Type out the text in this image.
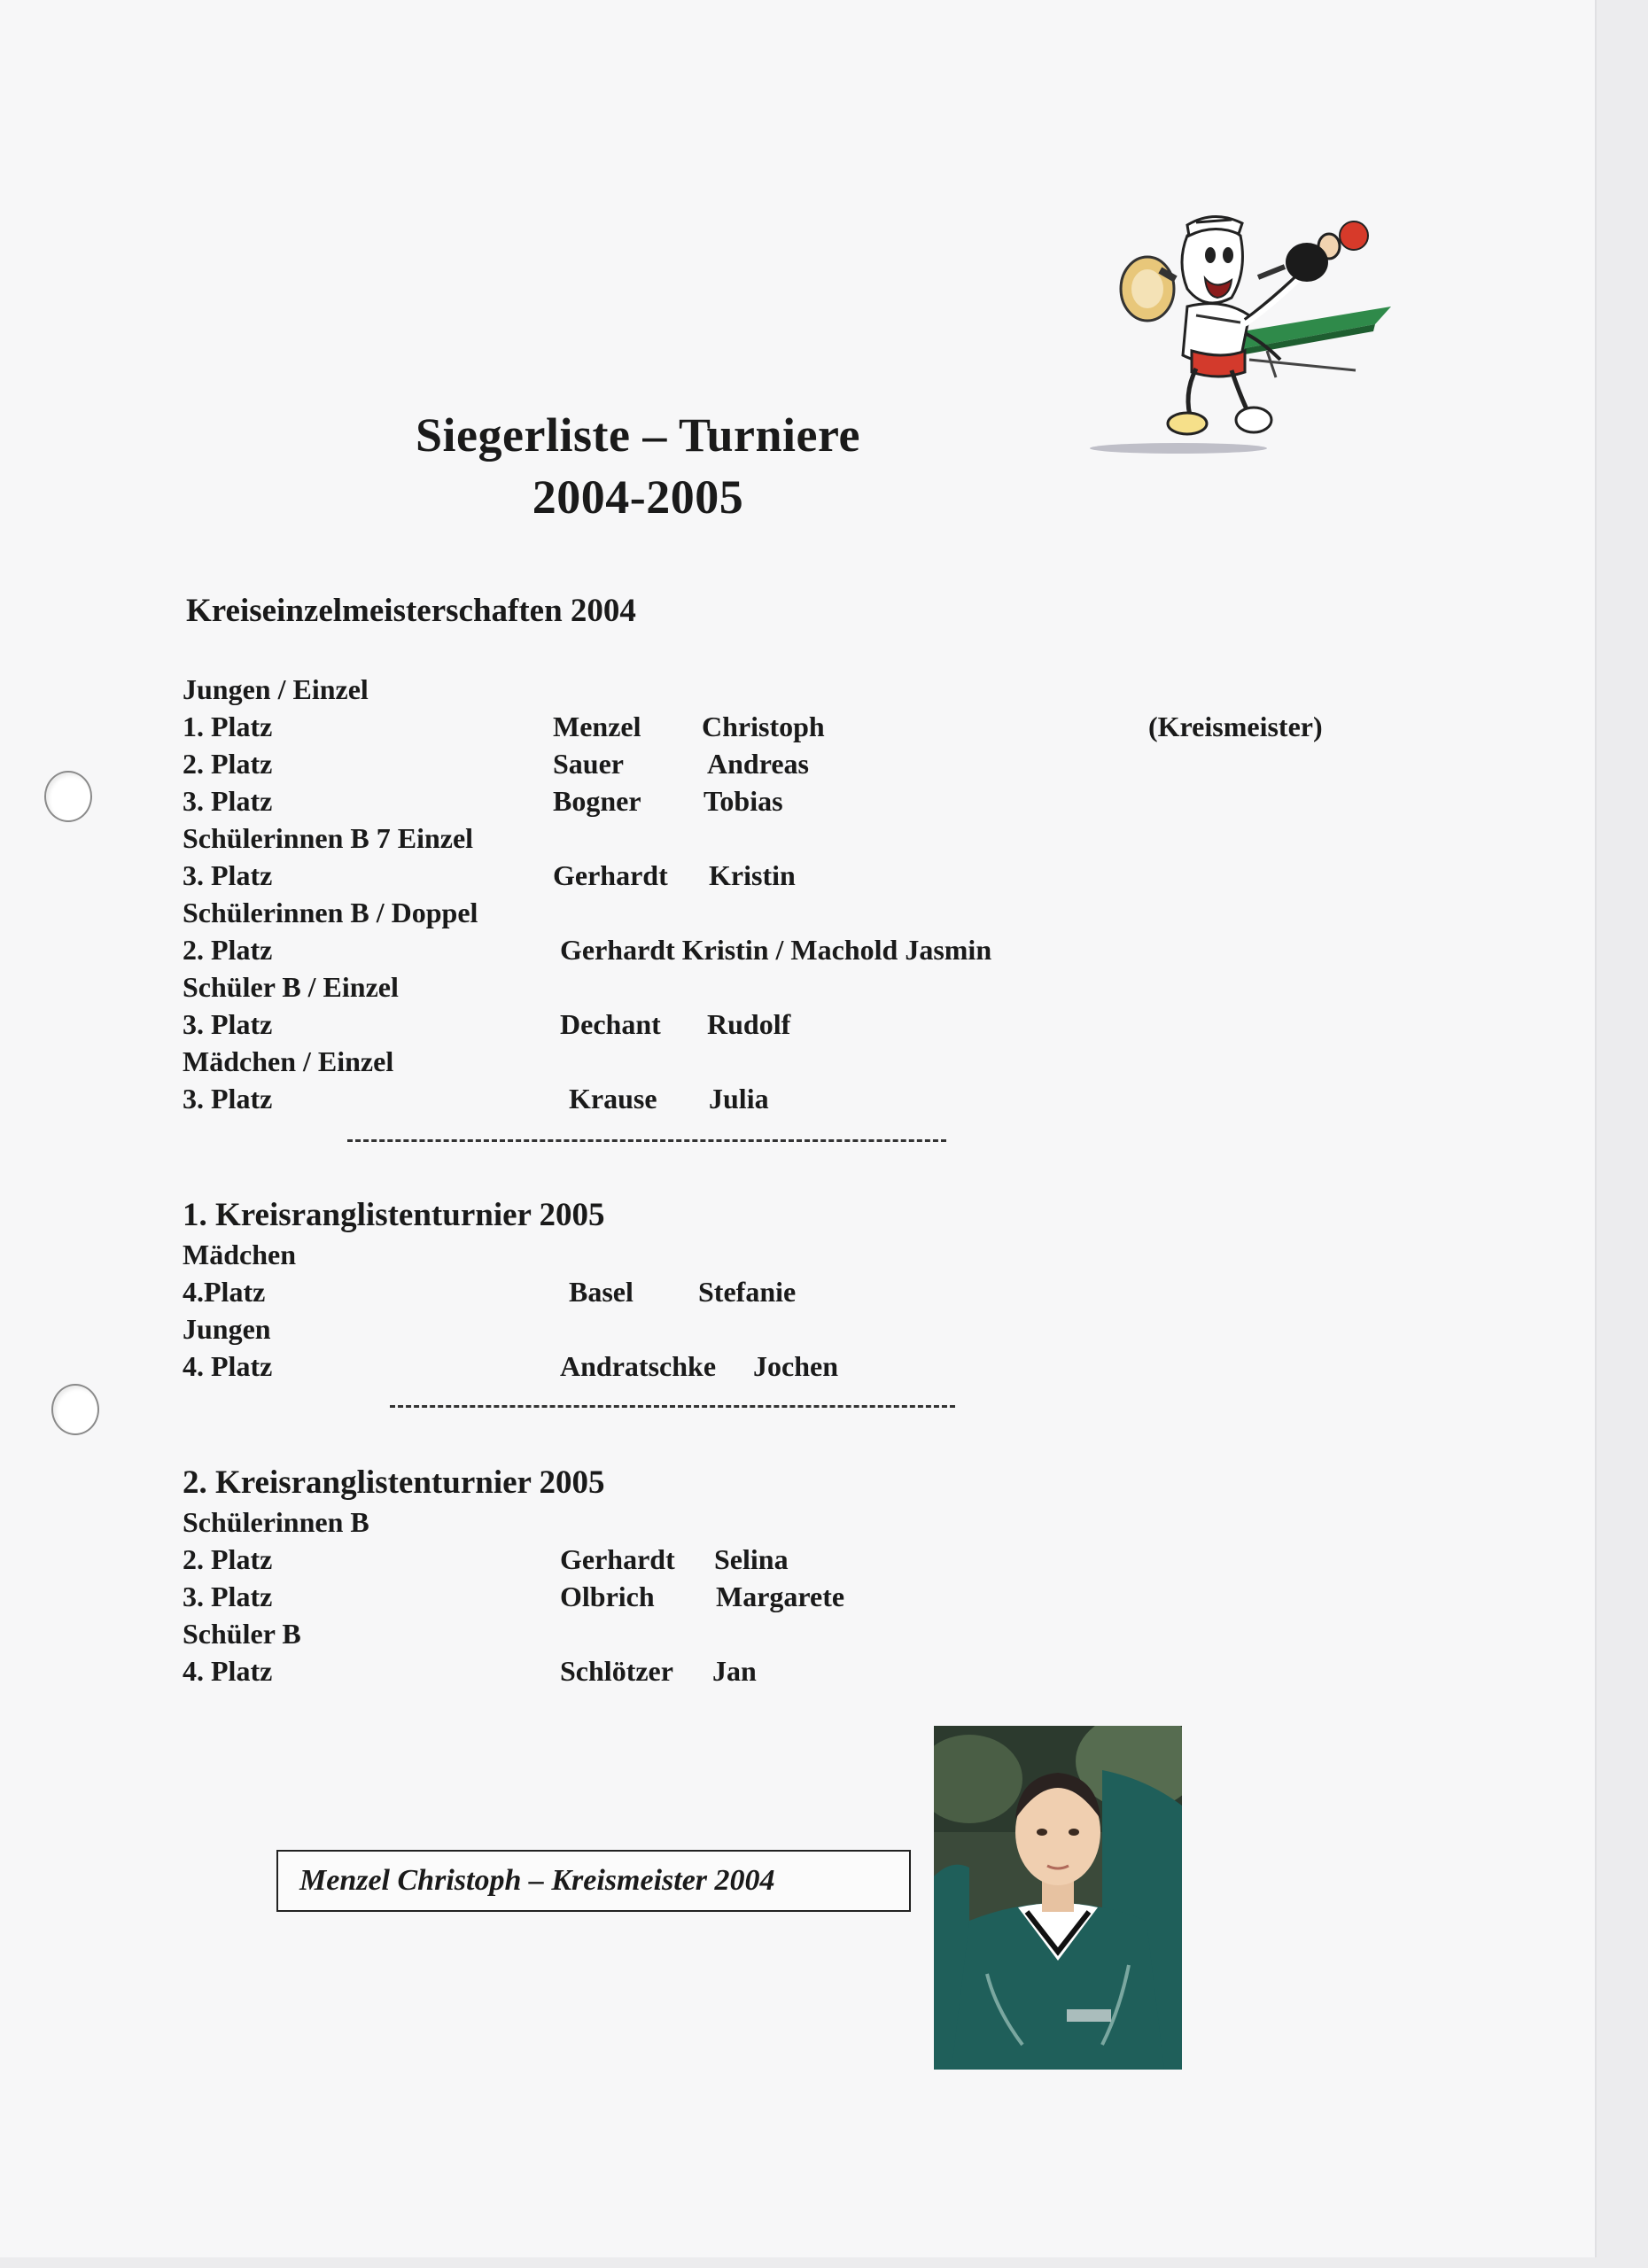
Siegerliste – Turniere
2004-2005
Kreiseinzelmeisterschaften 2004
Jungen / Einzel
1. Platz	Menzel Christoph	(Kreismeister)
2. Platz	Sauer	Andreas
3. Platz	Bogner Tobias
Schülerinnen B 7 Einzel
3. Platz	Gerhardt Kristin
Schülerinnen B / Doppel
2. Platz	Gerhardt Kristin / Machold Jasmin
Schüler B / Einzel
3. Platz	Dechant Rudolf
Mädchen / Einzel
3. Platz	Krause Julia
1. Kreisranglistenturnier 2005
Mädchen
4.Platz	Basel Stefanie
Jungen
4. Platz	Andratschke Jochen
2. Kreisranglistenturnier 2005
Schülerinnen B
2. Platz	Gerhardt Selina
3. Platz	Olbrich Margarete
Schüler B
4. Platz	Schlötzer Jan
Menzel Christoph – Kreismeister 2004
